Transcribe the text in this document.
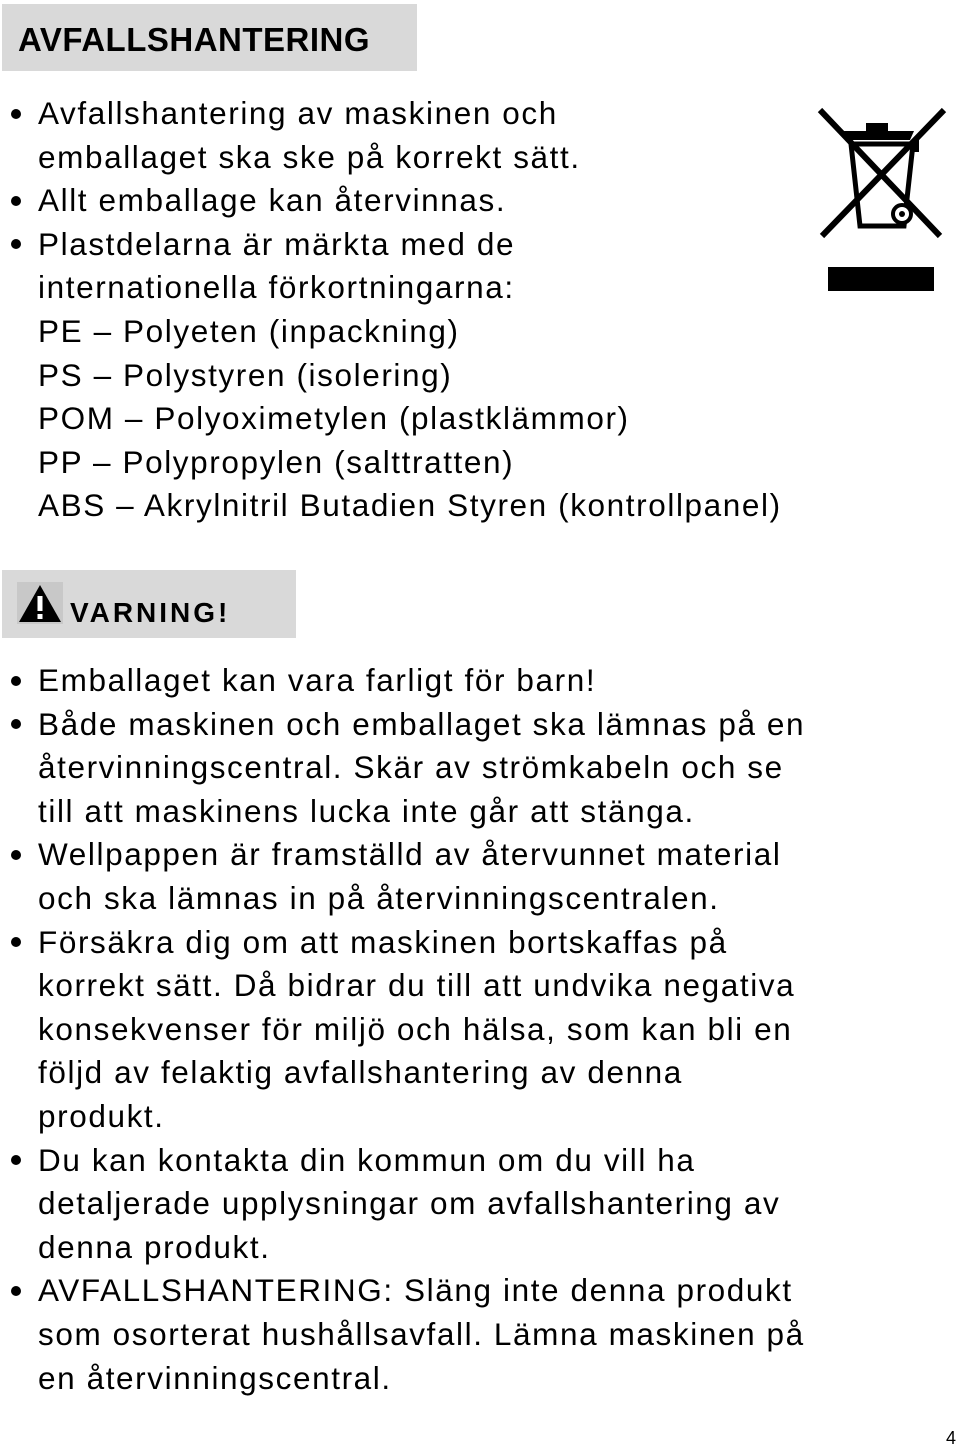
AVFALLSHANTERING
Avfallshantering av maskinen och
emballaget ska ske på korrekt sätt.
Allt emballage kan återvinnas.
Plastdelarna är märkta med de
internationella förkortningarna:
PE – Polyeten (inpackning)
PS – Polystyren (isolering)
POM – Polyoximetylen (plastklämmor)
PP – Polypropylen (salttratten)
ABS – Akrylnitril Butadien Styren (kontrollpanel)
VARNING!
Emballaget kan vara farligt för barn!
Både maskinen och emballaget ska lämnas på en
återvinningscentral. Skär av strömkabeln och se
till att maskinens lucka inte går att stänga.
Wellpappen är framställd av återvunnet material
och ska lämnas in på återvinningscentralen.
Försäkra dig om att maskinen bortskaffas på
korrekt sätt. Då bidrar du till att undvika negativa
konsekvenser för miljö och hälsa, som kan bli en
följd av felaktig avfallshantering av denna
produkt.
Du kan kontakta din kommun om du vill ha
detaljerade upplysningar om avfallshantering av
denna produkt.
AVFALLSHANTERING: Släng inte denna produkt
som osorterat hushållsavfall. Lämna maskinen på
en återvinningscentral.
4
